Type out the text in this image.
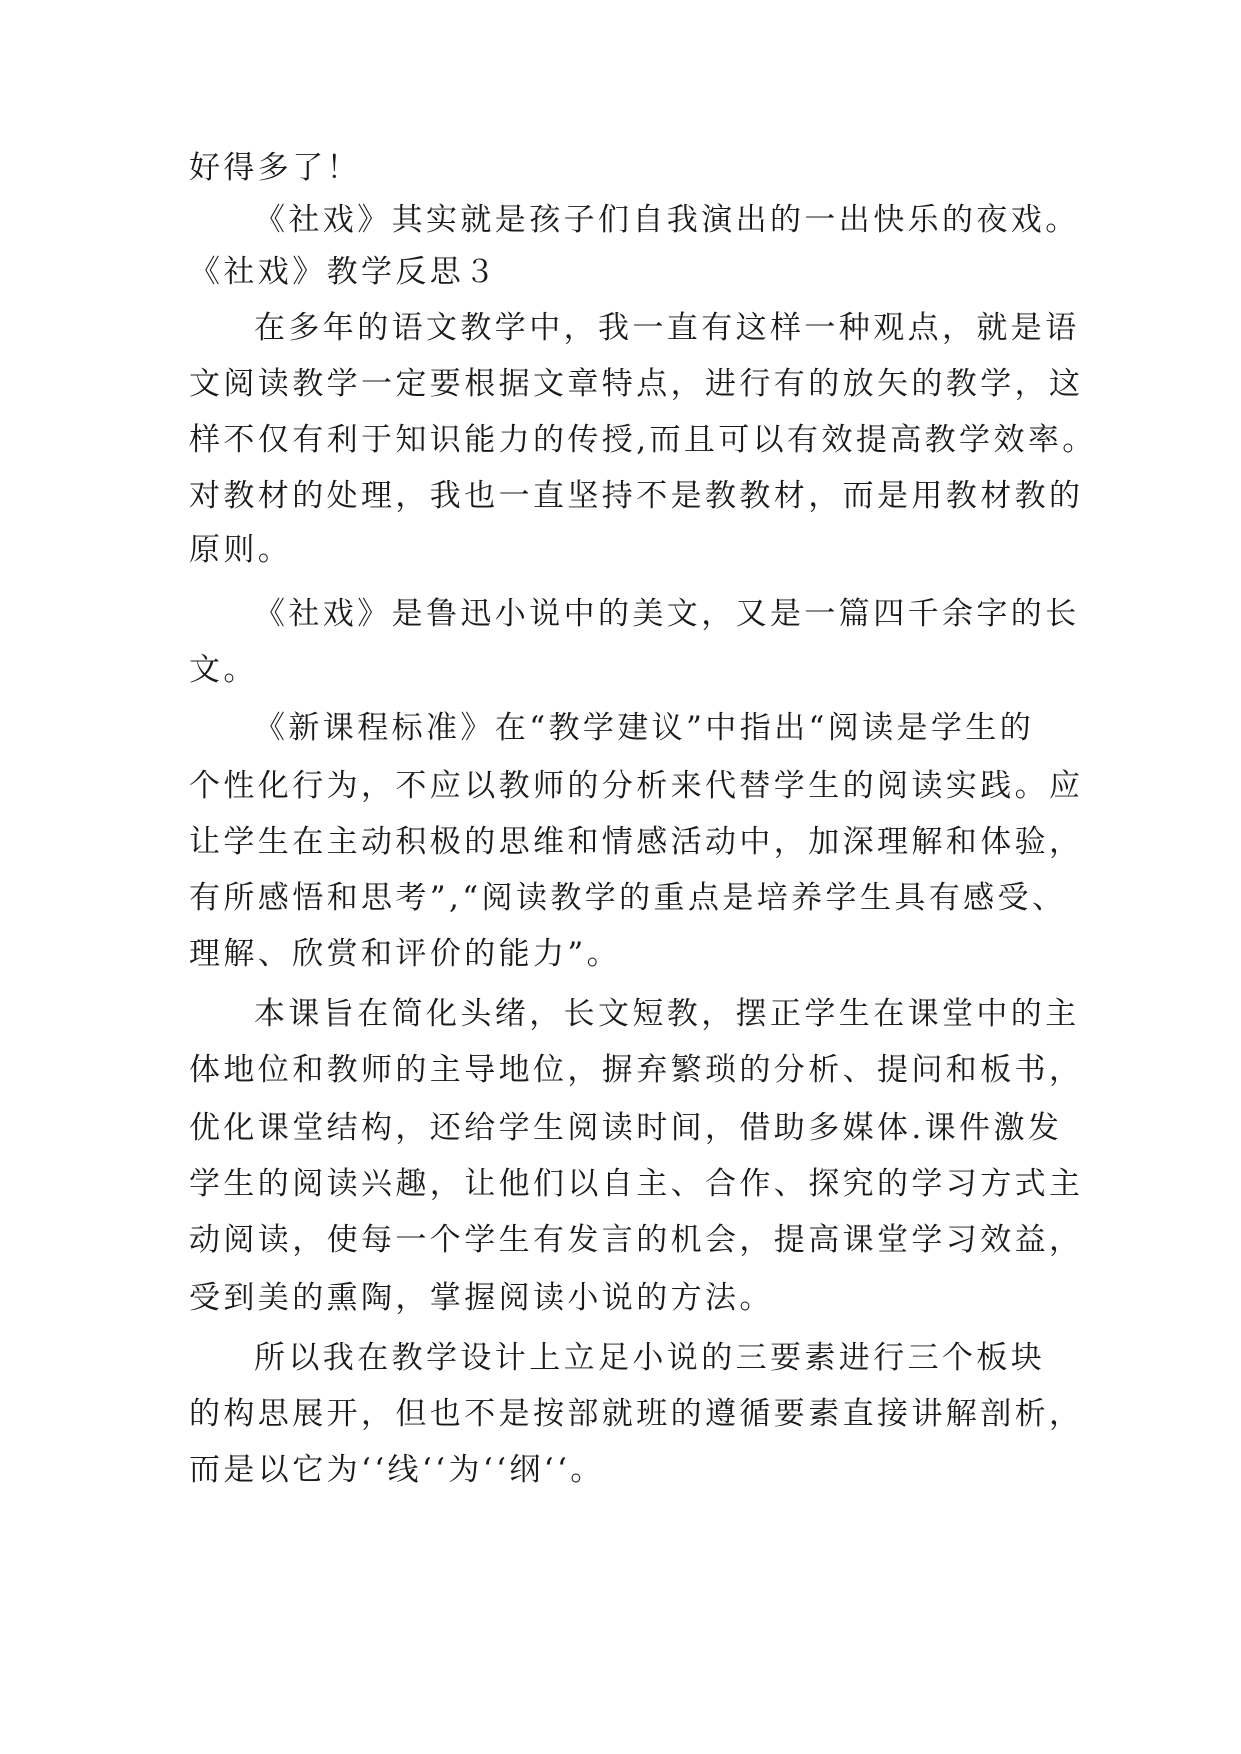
好得多了！
《社戏》其实就是孩子们自我演出的一出快乐的夜戏。
《社戏》教学反思３
在多年的语文教学中，我一直有这样一种观点，就是语
文阅读教学一定要根据文章特点，进行有的放矢的教学，这
样不仅有利于知识能力的传授,而且可以有效提高教学效率。
对教材的处理，我也一直坚持不是教教材，而是用教材教的
原则。
《社戏》是鲁迅小说中的美文，又是一篇四千余字的长
文。
《新课程标准》在“教学建议”中指出“阅读是学生的
个性化行为，不应以教师的分析来代替学生的阅读实践。应
让学生在主动积极的思维和情感活动中，加深理解和体验，
有所感悟和思考”,“阅读教学的重点是培养学生具有感受、
理解、欣赏和评价的能力”。
本课旨在简化头绪，长文短教，摆正学生在课堂中的主
体地位和教师的主导地位，摒弃繁琐的分析、提问和板书，
优化课堂结构，还给学生阅读时间，借助多媒体.课件激发
学生的阅读兴趣，让他们以自主、合作、探究的学习方式主
动阅读，使每一个学生有发言的机会，提高课堂学习效益，
受到美的熏陶，掌握阅读小说的方法。
所以我在教学设计上立足小说的三要素进行三个板块
的构思展开，但也不是按部就班的遵循要素直接讲解剖析，
而是以它为‘‘线‘‘为‘‘纲‘‘。
